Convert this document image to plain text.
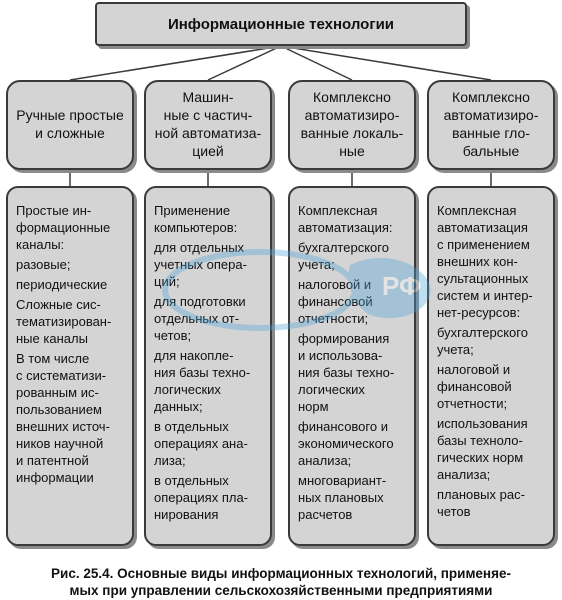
Информационные технологии
Ручные простые
и сложные
Машин-
ные с частич-
ной автоматиза-
цией
Комплексно
автоматизиро-
ванные локаль-
ные
Комплексно
автоматизиро-
ванные гло-
бальные

Простые ин-
формационные
каналы:

разовые;

периодические

Сложные сис-
тематизирован-
ные каналы

В том числе
с систематизи-
рованным ис-
пользованием
внешних источ-
ников научной
и патентной
информации

Применение
компьютеров:

для отдельных
учетных опера-
ций;

для подготовки
отдельных от-
четов;

для накопле-
ния базы техно-
логических
данных;

в отдельных
операциях ана-
лиза;

в отдельных
операциях пла-
нирования

Комплексная
автоматизация:

бухгалтерского
учета;

налоговой и
финансовой
отчетности;

формирования
и использова-
ния базы техно-
логических
норм

финансового и
экономического
анализа;

многовариант-
ных плановых
расчетов

Комплексная
автоматизация
с применением
внешних кон-
сультационных
систем и интер-
нет-ресурсов:

бухгалтерского
учета;

налоговой и
финансовой
отчетности;

использования
базы техноло-
гических норм
анализа;

плановых рас-
четов

РФ
Рис. 25.4. Основные виды информационных технологий, применяе-
мых при управлении сельскохозяйственными предприятиями
